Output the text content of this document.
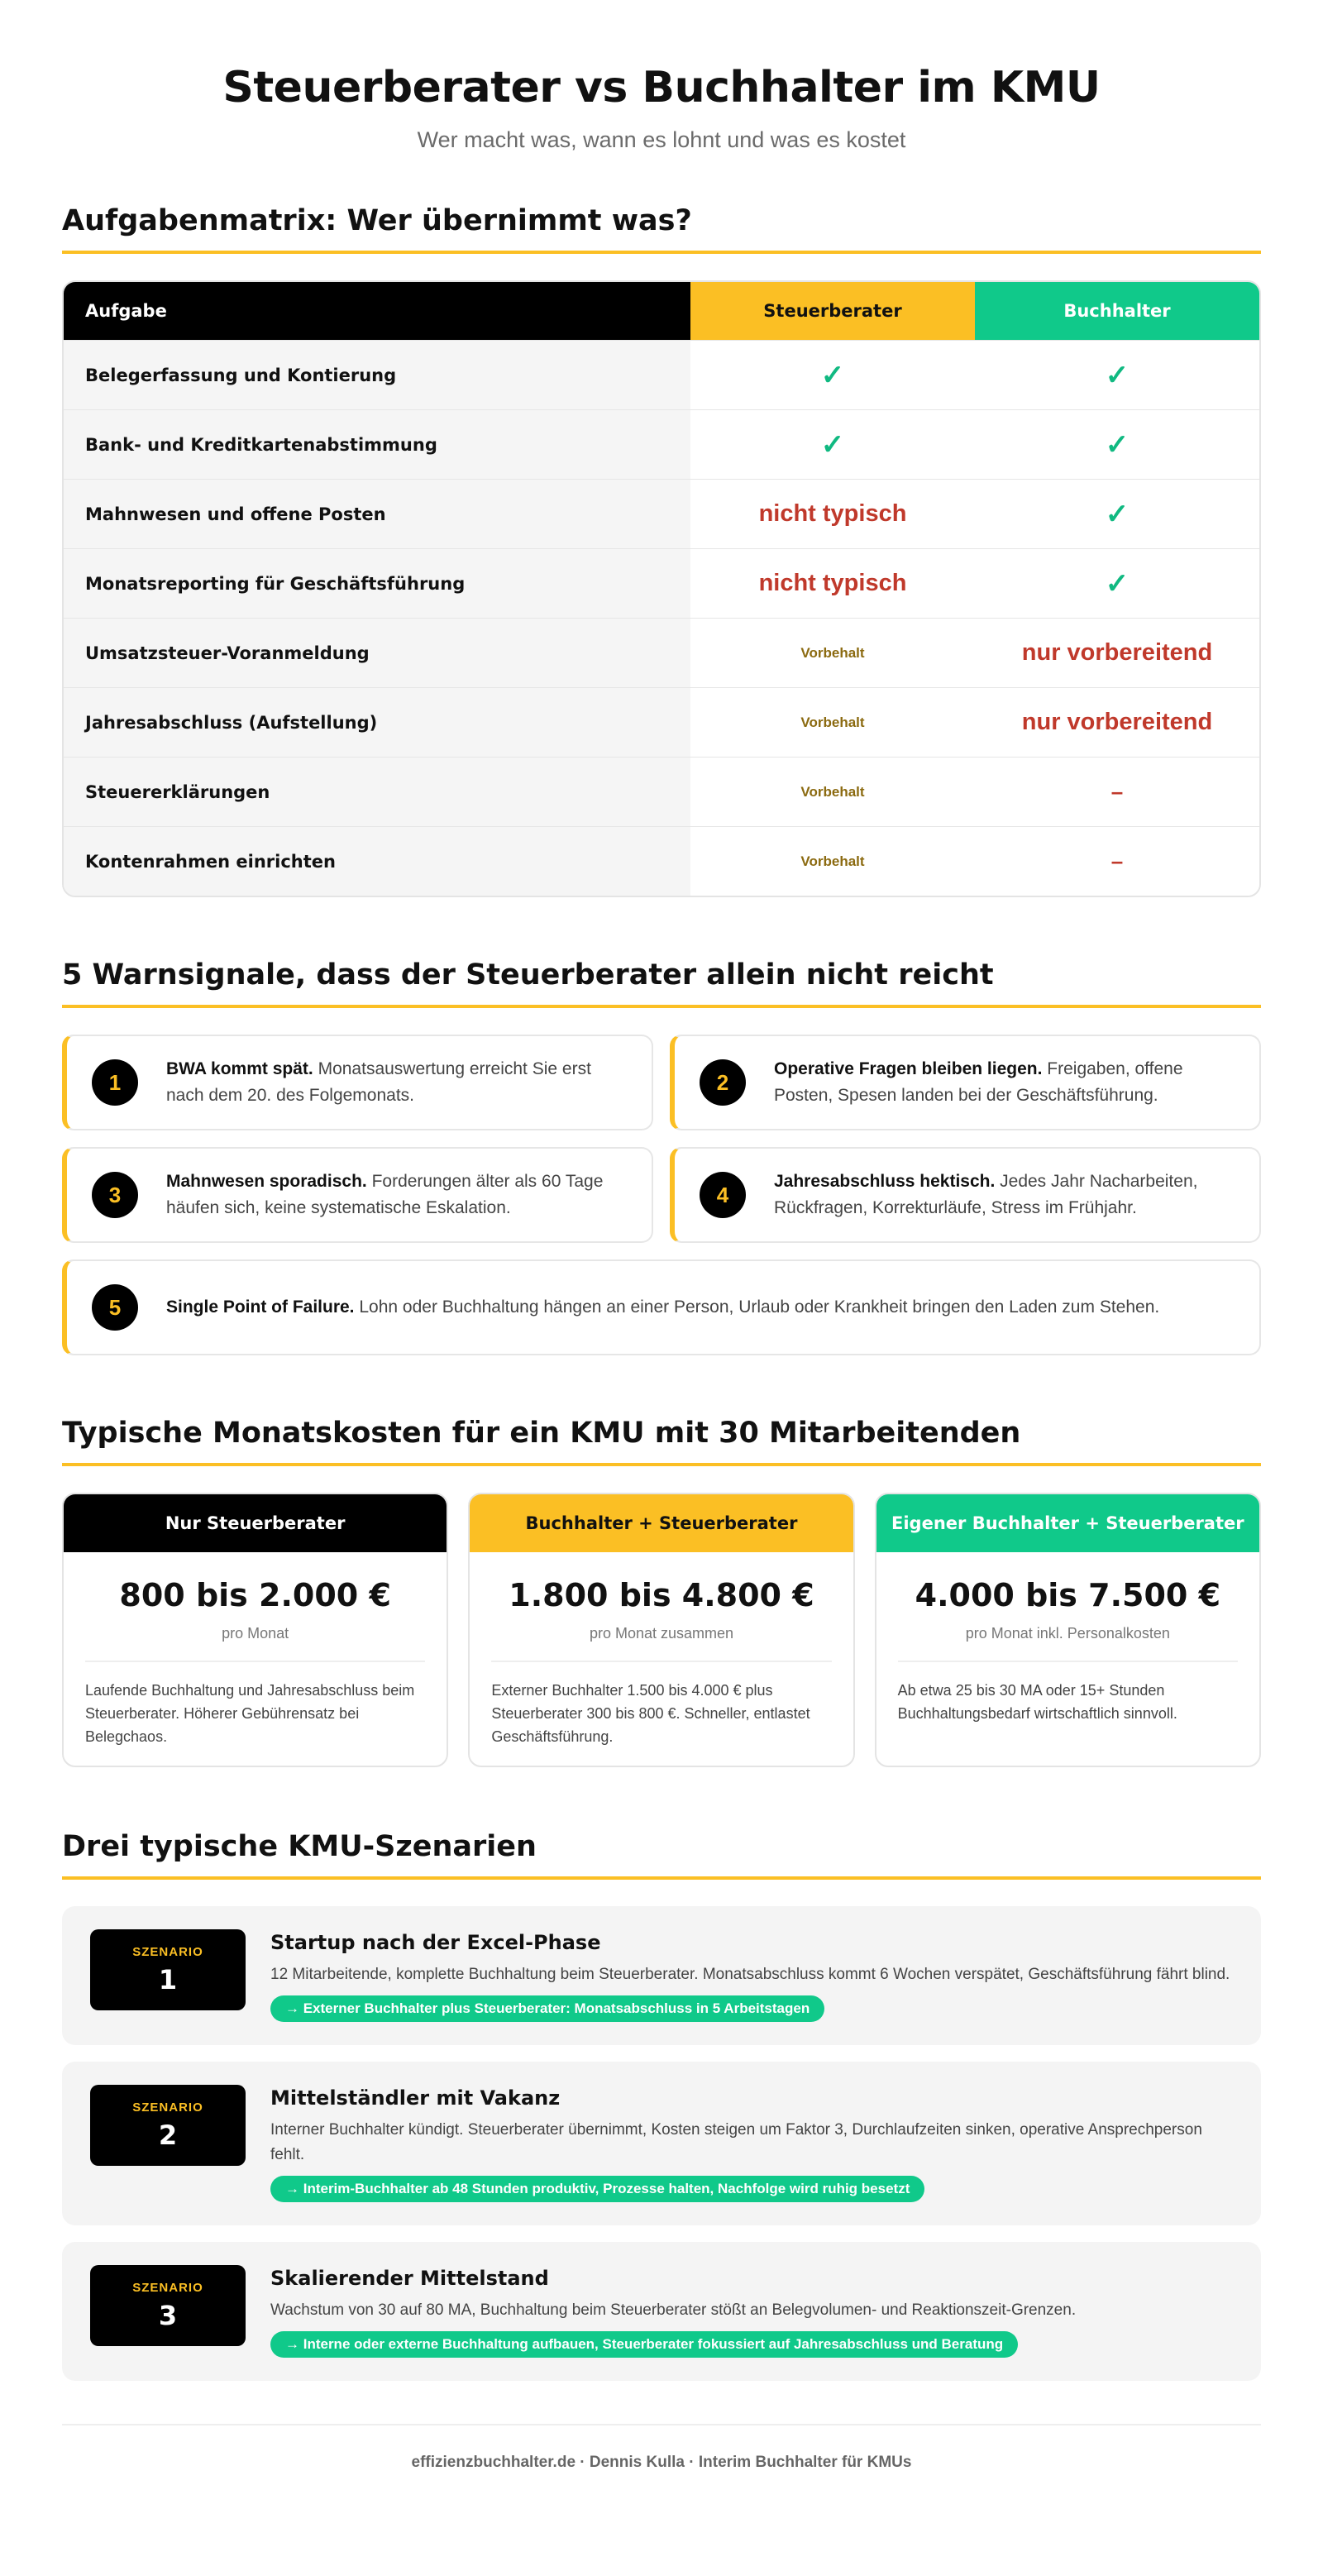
Steuerberater vs Buchhalter im KMU
Wer macht was, wann es lohnt und was es kostet
Aufgabenmatrix: Wer übernimmt was?
Aufgabe	Steuerberater	Buchhalter
Belegerfassung und Kontierung	✓	✓
Bank- und Kreditkartenabstimmung	✓	✓
Mahnwesen und offene Posten	nicht typisch	✓
Monatsreporting für Geschäftsführung	nicht typisch	✓
Umsatzsteuer-Voranmeldung	Vorbehalt	nur vorbereitend
Jahresabschluss (Aufstellung)	Vorbehalt	nur vorbereitend
Steuererklärungen	Vorbehalt	–
Kontenrahmen einrichten	Vorbehalt	–
5 Warnsignale, dass der Steuerberater allein nicht reicht
1
BWA kommt spät. Monatsauswertung erreicht Sie erst nach dem 20. des Folgemonats.
2
Operative Fragen bleiben liegen. Freigaben, offene Posten, Spesen landen bei der Geschäftsführung.
3
Mahnwesen sporadisch. Forderungen älter als 60 Tage häufen sich, keine systematische Eskalation.
4
Jahresabschluss hektisch. Jedes Jahr Nacharbeiten, Rückfragen, Korrekturläufe, Stress im Frühjahr.
5	Single Point of Failure. Lohn oder Buchhaltung hängen an einer Person, Urlaub oder Krankheit bringen den Laden zum Stehen.
Typische Monatskosten für ein KMU mit 30 Mitarbeitenden
Nur Steuerberater
800 bis 2.000 €
pro Monat
Laufende Buchhaltung und Jahresabschluss beim Steuerberater. Höherer Gebührensatz bei Belegchaos.
Buchhalter + Steuerberater
1.800 bis 4.800 €
pro Monat zusammen
Externer Buchhalter 1.500 bis 4.000 € plus Steuerberater 300 bis 800 €. Schneller, entlastet Geschäftsführung.
Eigener Buchhalter + Steuerberater
4.000 bis 7.500 €
pro Monat inkl. Personalkosten
Ab etwa 25 bis 30 MA oder 15+ Stunden Buchhaltungsbedarf wirtschaftlich sinnvoll.
Drei typische KMU-Szenarien
SZENARIO
1
Startup nach der Excel-Phase
12 Mitarbeitende, komplette Buchhaltung beim Steuerberater. Monatsabschluss kommt 6 Wochen verspätet, Geschäftsführung fährt blind.
→ Externer Buchhalter plus Steuerberater: Monatsabschluss in 5 Arbeitstagen
SZENARIO
2
Mittelständler mit Vakanz
Interner Buchhalter kündigt. Steuerberater übernimmt, Kosten steigen um Faktor 3, Durchlaufzeiten sinken, operative Ansprechperson fehlt.
→ Interim-Buchhalter ab 48 Stunden produktiv, Prozesse halten, Nachfolge wird ruhig besetzt
SZENARIO
3
Skalierender Mittelstand
Wachstum von 30 auf 80 MA, Buchhaltung beim Steuerberater stößt an Belegvolumen- und Reaktionszeit-Grenzen.
→ Interne oder externe Buchhaltung aufbauen, Steuerberater fokussiert auf Jahresabschluss und Beratung
effizienzbuchhalter.de · Dennis Kulla · Interim Buchhalter für KMUs
